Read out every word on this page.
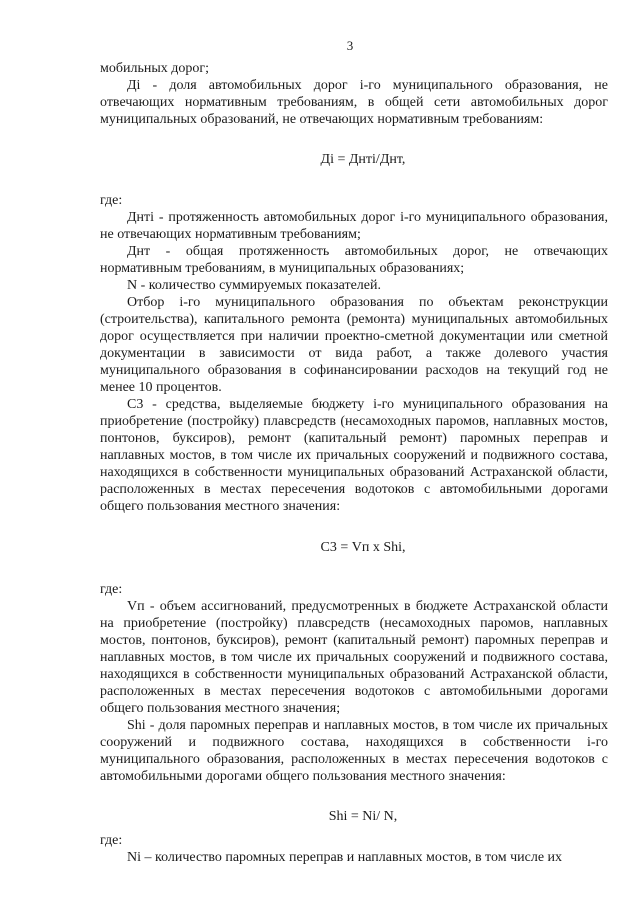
3

мобильных дорог;

Дi - доля автомобильных дорог i-го муниципального образования, не отвечающих нормативным требованиям, в общей сети автомобильных дорог муниципальных образований, не отвечающих нормативным требованиям:

Дi = Днтi/Днт,

где:

Днтi - протяженность автомобильных дорог i-го муниципального образования, не отвечающих нормативным требованиям;

Днт - общая протяженность автомобильных дорог, не отвечающих нормативным требованиям, в муниципальных образованиях;

N - количество суммируемых показателей.

Отбор i-го муниципального образования по объектам реконструкции (строительства), капитального ремонта (ремонта) муниципальных автомобильных дорог осуществляется при наличии проектно-сметной документации или сметной документации в зависимости от вида работ, а также долевого участия муниципального образования в софинансировании расходов на текущий год не менее 10 процентов.

С3 - средства, выделяемые бюджету i-го муниципального образования на приобретение (постройку) плавсредств (несамоходных паромов, наплавных мостов, понтонов, буксиров), ремонт (капитальный ремонт) паромных переправ и наплавных мостов, в том числе их причальных сооружений и подвижного состава, находящихся в собственности муниципальных образований Астраханской области, расположенных в местах пересечения водотоков с автомобильными дорогами общего пользования местного значения:

С3 = Vп x Shi,

где:

Vп - объем ассигнований, предусмотренных в бюджете Астраханской области на приобретение (постройку) плавсредств (несамоходных паромов, наплавных мостов, понтонов, буксиров), ремонт (капитальный ремонт) паромных переправ и наплавных мостов, в том числе их причальных сооружений и подвижного состава, находящихся в собственности муниципальных образований Астраханской области, расположенных в местах пересечения водотоков с автомобильными дорогами общего пользования местного значения;

Shi - доля паромных переправ и наплавных мостов, в том числе их причальных сооружений и подвижного состава, находящихся в собственности i-го муниципального образования, расположенных в местах пересечения водотоков с автомобильными дорогами общего пользования местного значения:

Shi = Ni/ N,

где:

Ni – количество паромных переправ и наплавных мостов, в том числе их
